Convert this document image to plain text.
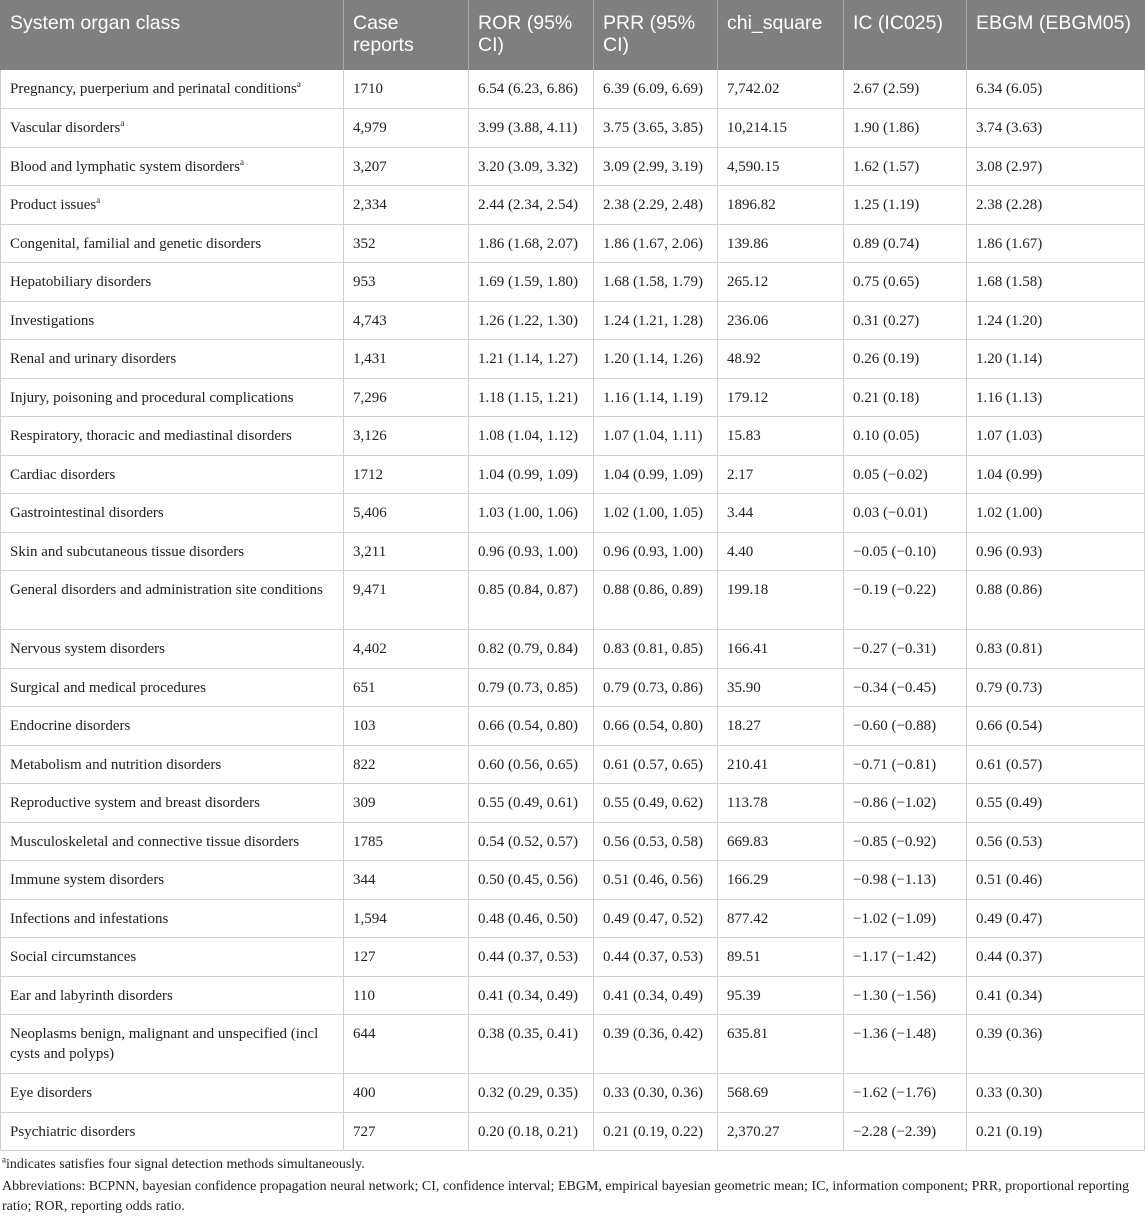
System organ class	Case reports	ROR (95% CI)	PRR (95% CI)	chi_square	IC (IC025)	EBGM (EBGM05)
Pregnancy, puerperium and perinatal conditions$^a$	1710	6.54 (6.23, 6.86)	6.39 (6.09, 6.69)	7,742.02	2.67 (2.59)	6.34 (6.05)
Vascular disorders$^a$	4,979	3.99 (3.88, 4.11)	3.75 (3.65, 3.85)	10,214.15	1.90 (1.86)	3.74 (3.63)
Blood and lymphatic system disorders$^a$	3,207	3.20 (3.09, 3.32)	3.09 (2.99, 3.19)	4,590.15	1.62 (1.57)	3.08 (2.97)
Product issues$^a$	2,334	2.44 (2.34, 2.54)	2.38 (2.29, 2.48)	1896.82	1.25 (1.19)	2.38 (2.28)
Congenital, familial and genetic disorders	352	1.86 (1.68, 2.07)	1.86 (1.67, 2.06)	139.86	0.89 (0.74)	1.86 (1.67)
Hepatobiliary disorders	953	1.69 (1.59, 1.80)	1.68 (1.58, 1.79)	265.12	0.75 (0.65)	1.68 (1.58)
Investigations	4,743	1.26 (1.22, 1.30)	1.24 (1.21, 1.28)	236.06	0.31 (0.27)	1.24 (1.20)
Renal and urinary disorders	1,431	1.21 (1.14, 1.27)	1.20 (1.14, 1.26)	48.92	0.26 (0.19)	1.20 (1.14)
Injury, poisoning and procedural complications	7,296	1.18 (1.15, 1.21)	1.16 (1.14, 1.19)	179.12	0.21 (0.18)	1.16 (1.13)
Respiratory, thoracic and mediastinal disorders	3,126	1.08 (1.04, 1.12)	1.07 (1.04, 1.11)	15.83	0.10 (0.05)	1.07 (1.03)
Cardiac disorders	1712	1.04 (0.99, 1.09)	1.04 (0.99, 1.09)	2.17	0.05 (−0.02)	1.04 (0.99)
Gastrointestinal disorders	5,406	1.03 (1.00, 1.06)	1.02 (1.00, 1.05)	3.44	0.03 (−0.01)	1.02 (1.00)
Skin and subcutaneous tissue disorders	3,211	0.96 (0.93, 1.00)	0.96 (0.93, 1.00)	4.40	−0.05 (−0.10)	0.96 (0.93)
General disorders and administration site conditions	9,471	0.85 (0.84, 0.87)	0.88 (0.86, 0.89)	199.18	−0.19 (−0.22)	0.88 (0.86)
Nervous system disorders	4,402	0.82 (0.79, 0.84)	0.83 (0.81, 0.85)	166.41	−0.27 (−0.31)	0.83 (0.81)
Surgical and medical procedures	651	0.79 (0.73, 0.85)	0.79 (0.73, 0.86)	35.90	−0.34 (−0.45)	0.79 (0.73)
Endocrine disorders	103	0.66 (0.54, 0.80)	0.66 (0.54, 0.80)	18.27	−0.60 (−0.88)	0.66 (0.54)
Metabolism and nutrition disorders	822	0.60 (0.56, 0.65)	0.61 (0.57, 0.65)	210.41	−0.71 (−0.81)	0.61 (0.57)
Reproductive system and breast disorders	309	0.55 (0.49, 0.61)	0.55 (0.49, 0.62)	113.78	−0.86 (−1.02)	0.55 (0.49)
Musculoskeletal and connective tissue disorders	1785	0.54 (0.52, 0.57)	0.56 (0.53, 0.58)	669.83	−0.85 (−0.92)	0.56 (0.53)
Immune system disorders	344	0.50 (0.45, 0.56)	0.51 (0.46, 0.56)	166.29	−0.98 (−1.13)	0.51 (0.46)
Infections and infestations	1,594	0.48 (0.46, 0.50)	0.49 (0.47, 0.52)	877.42	−1.02 (−1.09)	0.49 (0.47)
Social circumstances	127	0.44 (0.37, 0.53)	0.44 (0.37, 0.53)	89.51	−1.17 (−1.42)	0.44 (0.37)
Ear and labyrinth disorders	110	0.41 (0.34, 0.49)	0.41 (0.34, 0.49)	95.39	−1.30 (−1.56)	0.41 (0.34)
Neoplasms benign, malignant and unspecified (incl cysts and polyps)	644	0.38 (0.35, 0.41)	0.39 (0.36, 0.42)	635.81	−1.36 (−1.48)	0.39 (0.36)
Eye disorders	400	0.32 (0.29, 0.35)	0.33 (0.30, 0.36)	568.69	−1.62 (−1.76)	0.33 (0.30)
Psychiatric disorders	727	0.20 (0.18, 0.21)	0.21 (0.19, 0.22)	2,370.27	−2.28 (−2.39)	0.21 (0.19)

$^a$indicates satisfies four signal detection methods simultaneously.

Abbreviations: BCPNN, bayesian confidence propagation neural network; CI, confidence interval; EBGM, empirical bayesian geometric mean; IC, information component; PRR, proportional reporting ratio; ROR, reporting odds ratio.
